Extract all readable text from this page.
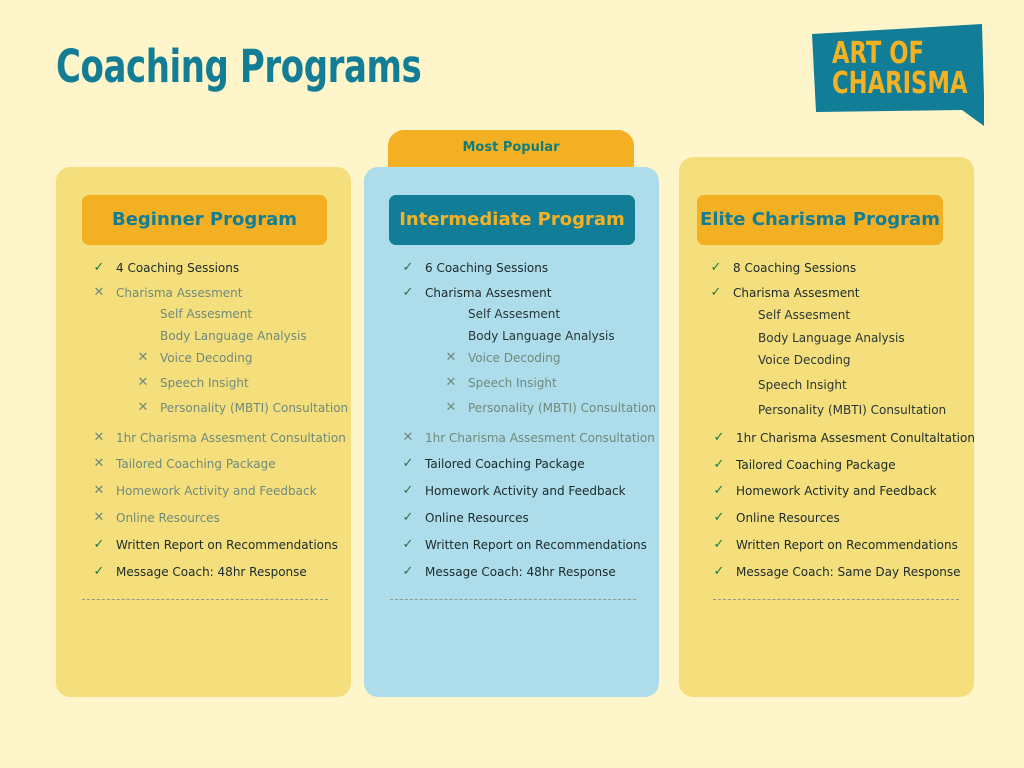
Coaching Programs	ART OF
CHARISMA
Most Popular
Beginner Program
✓ 4 Coaching Sessions
✕ Charisma Assesment
Self Assesment
Body Language Analysis
✕ Voice Decoding
✕ Speech Insight
✕ Personality (MBTI) Consultation
✕ 1hr Charisma Assesment Consultation
✕ Tailored Coaching Package
✕ Homework Activity and Feedback
✕ Online Resources
✓ Written Report on Recommendations
✓ Message Coach: 48hr Response
Intermediate Program
✓ 6 Coaching Sessions
✓ Charisma Assesment
Self Assesment
Body Language Analysis
✕ Voice Decoding
✕ Speech Insight
✕ Personality (MBTI) Consultation
✕ 1hr Charisma Assesment Consultation
✓ Tailored Coaching Package
✓ Homework Activity and Feedback
✓ Online Resources
✓ Written Report on Recommendations
✓ Message Coach: 48hr Response
Elite Charisma Program
✓ 8 Coaching Sessions
✓ Charisma Assesment
Self Assesment
Body Language Analysis
Voice Decoding
Speech Insight
Personality (MBTI) Consultation
✓ 1hr Charisma Assesment Conultaltation
✓ Tailored Coaching Package
✓ Homework Activity and Feedback
✓ Online Resources
✓ Written Report on Recommendations
✓ Message Coach: Same Day Response
